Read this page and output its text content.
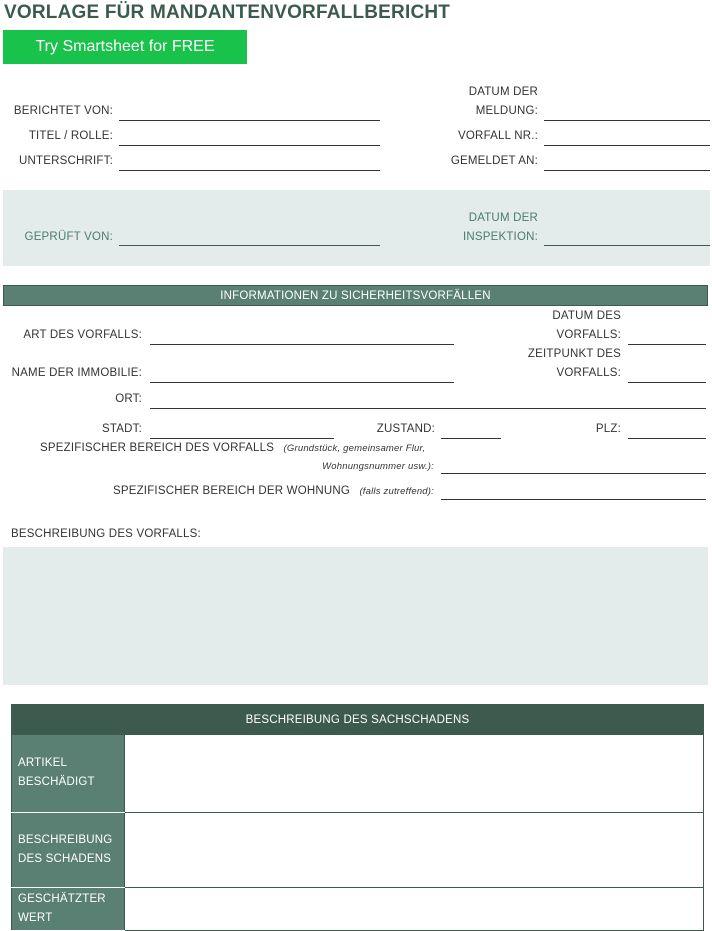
VORLAGE FÜR MANDANTENVORFALLBERICHT
Try Smartsheet for FREE
BERICHTET VON:
TITEL / ROLLE:
UNTERSCHRIFT:
DATUM DER
MELDUNG:
VORFALL NR.:
GEMELDET AN:
GEPRÜFT VON:
DATUM DER
INSPEKTION:
INFORMATIONEN ZU SICHERHEITSVORFÄLLEN
ART DES VORFALLS:
DATUM DES
VORFALLS:
NAME DER IMMOBILIE:
ZEITPUNKT DES
VORFALLS:
ORT:
STADT:	ZUSTAND:	PLZ:
SPEZIFISCHER BEREICH DES VORFALLS (Grundstück, gemeinsamer Flur,
Wohnungsnummer usw.):
SPEZIFISCHER BEREICH DER WOHNUNG (falls zutreffend):
BESCHREIBUNG DES VORFALLS:
BESCHREIBUNG DES SACHSCHADENS	

ARTIKEL
BESCHÄDIGT	

BESCHREIBUNG
DES SCHADENS	

GESCHÄTZTER
WERT	
